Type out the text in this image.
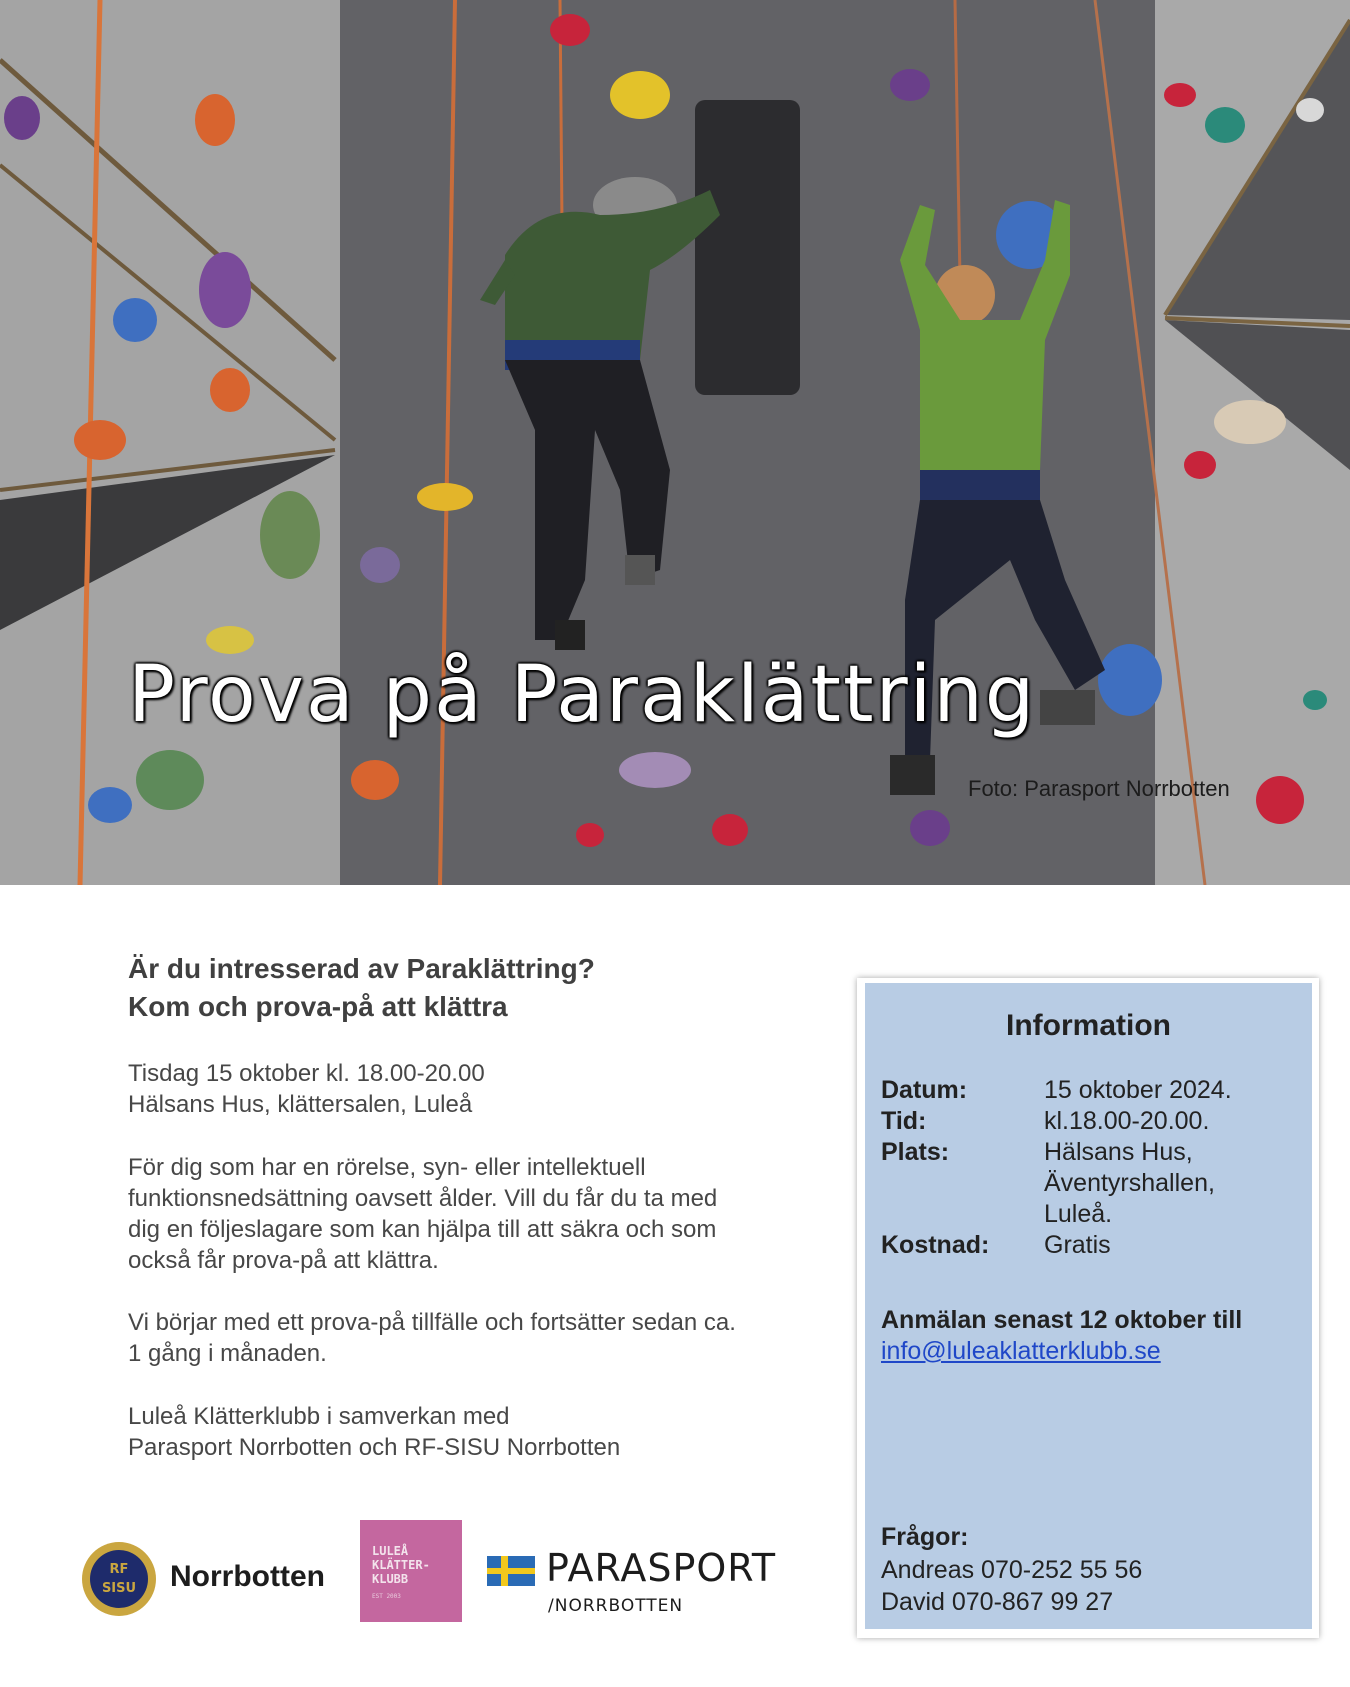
Prova på Paraklättring
Foto: Parasport Norrbotten

Är du intresserad av Paraklättring?

Kom och prova-på att klättra

Tisdag 15 oktober kl. 18.00-20.00

Hälsans Hus, klättersalen, Luleå

För dig som har en rörelse, syn- eller intellektuell

funktionsnedsättning oavsett ålder. Vill du får du ta med

dig en följeslagare som kan hjälpa till att säkra och som

också får prova-på att klättra.

Vi börjar med ett prova-på tillfälle och fortsätter sedan ca.

1 gång i månaden.

Luleå Klätterklubb i samverkan med

Parasport Norrbotten och RF-SISU Norrbotten

RF
SISU Norrbotten
LULEÅ
KLÄTTER-
KLUBB
EST 2003
PARASPORT
/NORRBOTTEN
Information
Datum:	15 oktober 2024.
Tid:	kl.18.00-20.00.
Plats:	Hälsans Hus,
Äventyrshallen,
Luleå.
Kostnad:	Gratis
Anmälan senast 12 oktober till
info@luleaklatterklubb.se
Frågor:
Andreas 070-252 55 56
David 070-867 99 27
